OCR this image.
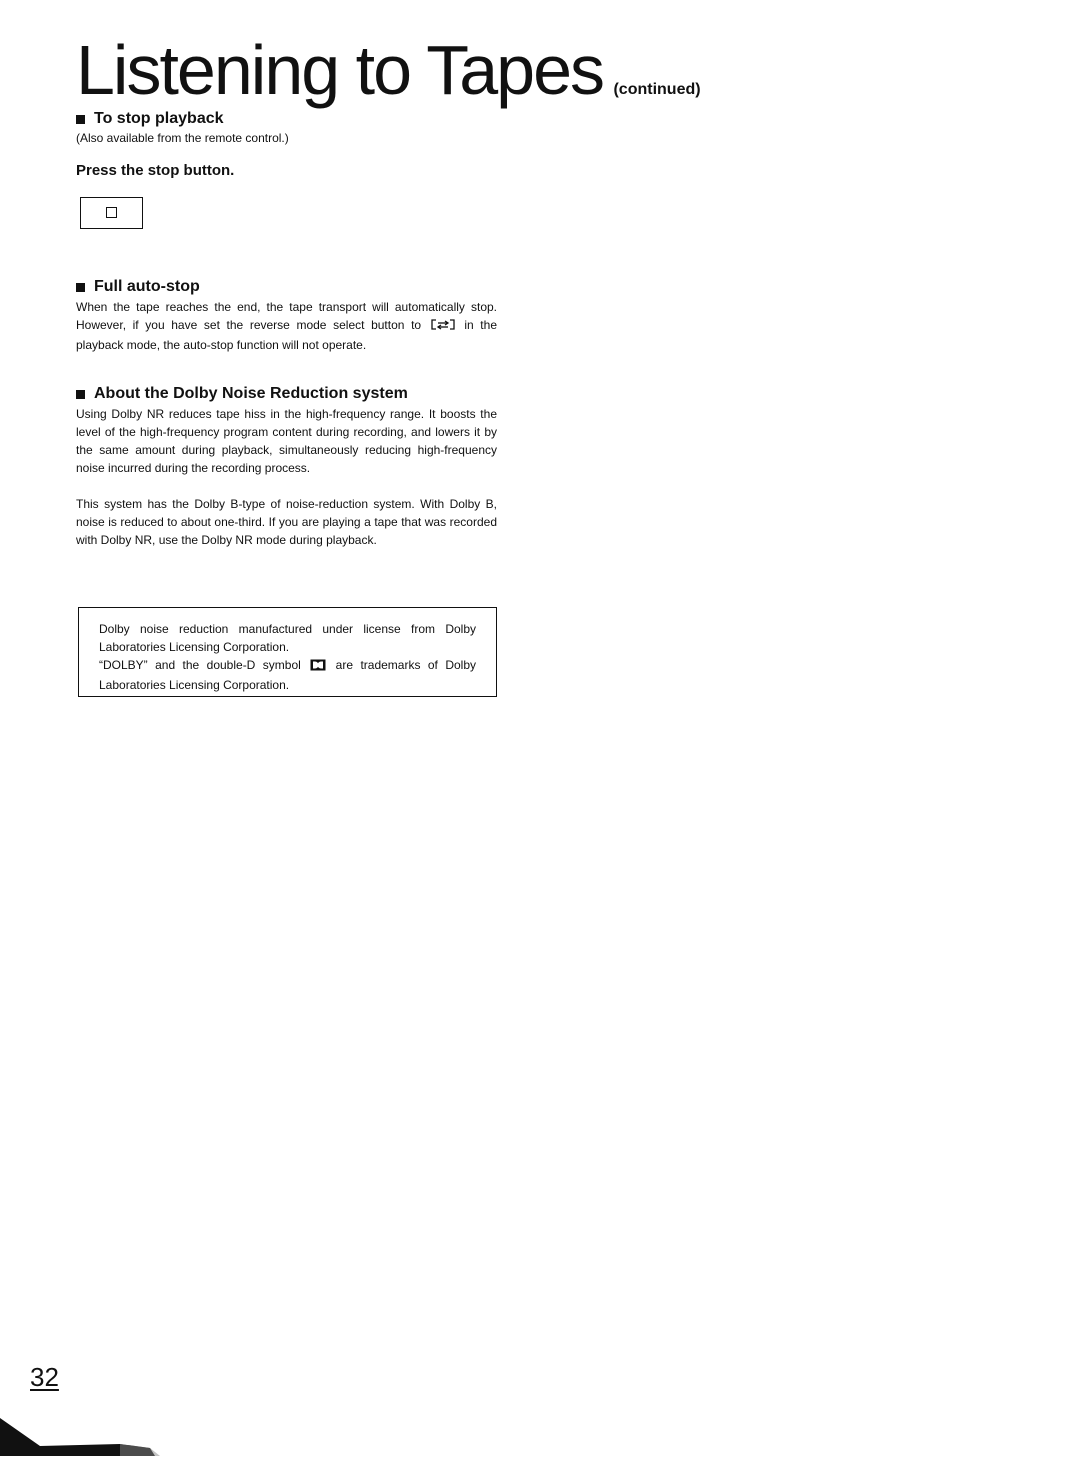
Listening to Tapes (continued)
To stop playback
(Also available from the remote control.)
Press the stop button.
Full auto-stop
When the tape reaches the end, the tape transport will automatically stop. However, if you have set the reverse mode select button to	in the playback mode, the auto-stop function will not operate.
About the Dolby Noise Reduction system
Using Dolby NR reduces tape hiss in the high-frequency range. It boosts the level of the high-frequency program content during recording, and lowers it by the same amount during playback, simultaneously reducing high-frequency noise incurred during the recording process.
This system has the Dolby B-type of noise-reduction system. With Dolby B, noise is reduced to about one-third. If you are playing a tape that was recorded with Dolby NR, use the Dolby NR mode during playback.
Dolby noise reduction manufactured under license from Dolby Laboratories Licensing Corporation.
“DOLBY” and the double-D symbol	are trademarks of Dolby Laboratories Licensing Corporation.
32
